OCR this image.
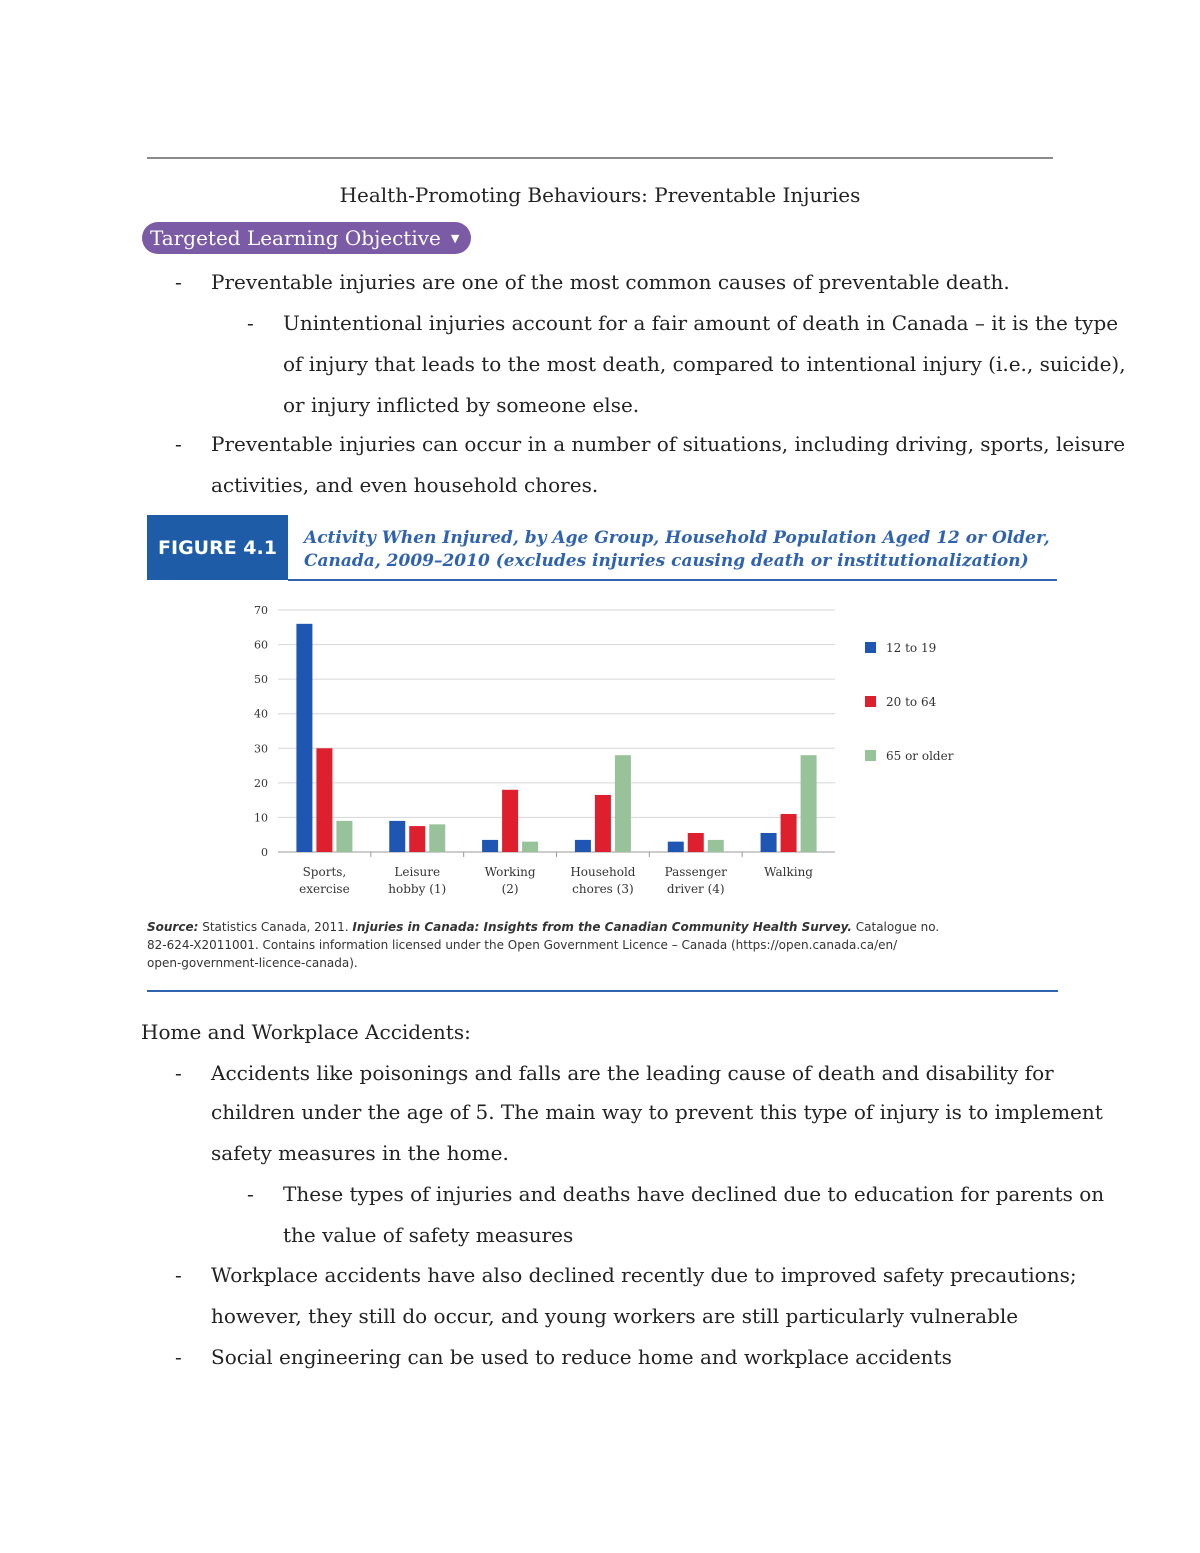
Health-Promoting Behaviours: Preventable Injuries
Targeted Learning Objective ▼
- Preventable injuries are one of the most common causes of preventable death.
- Unintentional injuries account for a fair amount of death in Canada – it is the type
of injury that leads to the most death, compared to intentional injury (i.e., suicide),
or injury inflicted by someone else.
- Preventable injuries can occur in a number of situations, including driving, sports, leisure
activities, and even household chores.
FIGURE 4.1	Activity When Injured, by Age Group, Household Population Aged 12 or Older,
Canada, 2009–2010 (excludes injuries causing death or institutionalization)
0
10
20
30
40
50
60
70
Sports,
exercise
Leisure
hobby (1)
Working
(2)
Household
chores (3)
Passenger
driver (4)
Walking
12 to 19
20 to 64
65 or older
Source: Statistics Canada, 2011. Injuries in Canada: Insights from the Canadian Community Health Survey. Catalogue no.
82-624-X2011001. Contains information licensed under the Open Government Licence – Canada (https://open.canada.ca/en/
open-government-licence-canada).
Home and Workplace Accidents:
- Accidents like poisonings and falls are the leading cause of death and disability for
children under the age of 5. The main way to prevent this type of injury is to implement
safety measures in the home.
- These types of injuries and deaths have declined due to education for parents on
the value of safety measures
- Workplace accidents have also declined recently due to improved safety precautions;
however, they still do occur, and young workers are still particularly vulnerable
- Social engineering can be used to reduce home and workplace accidents
